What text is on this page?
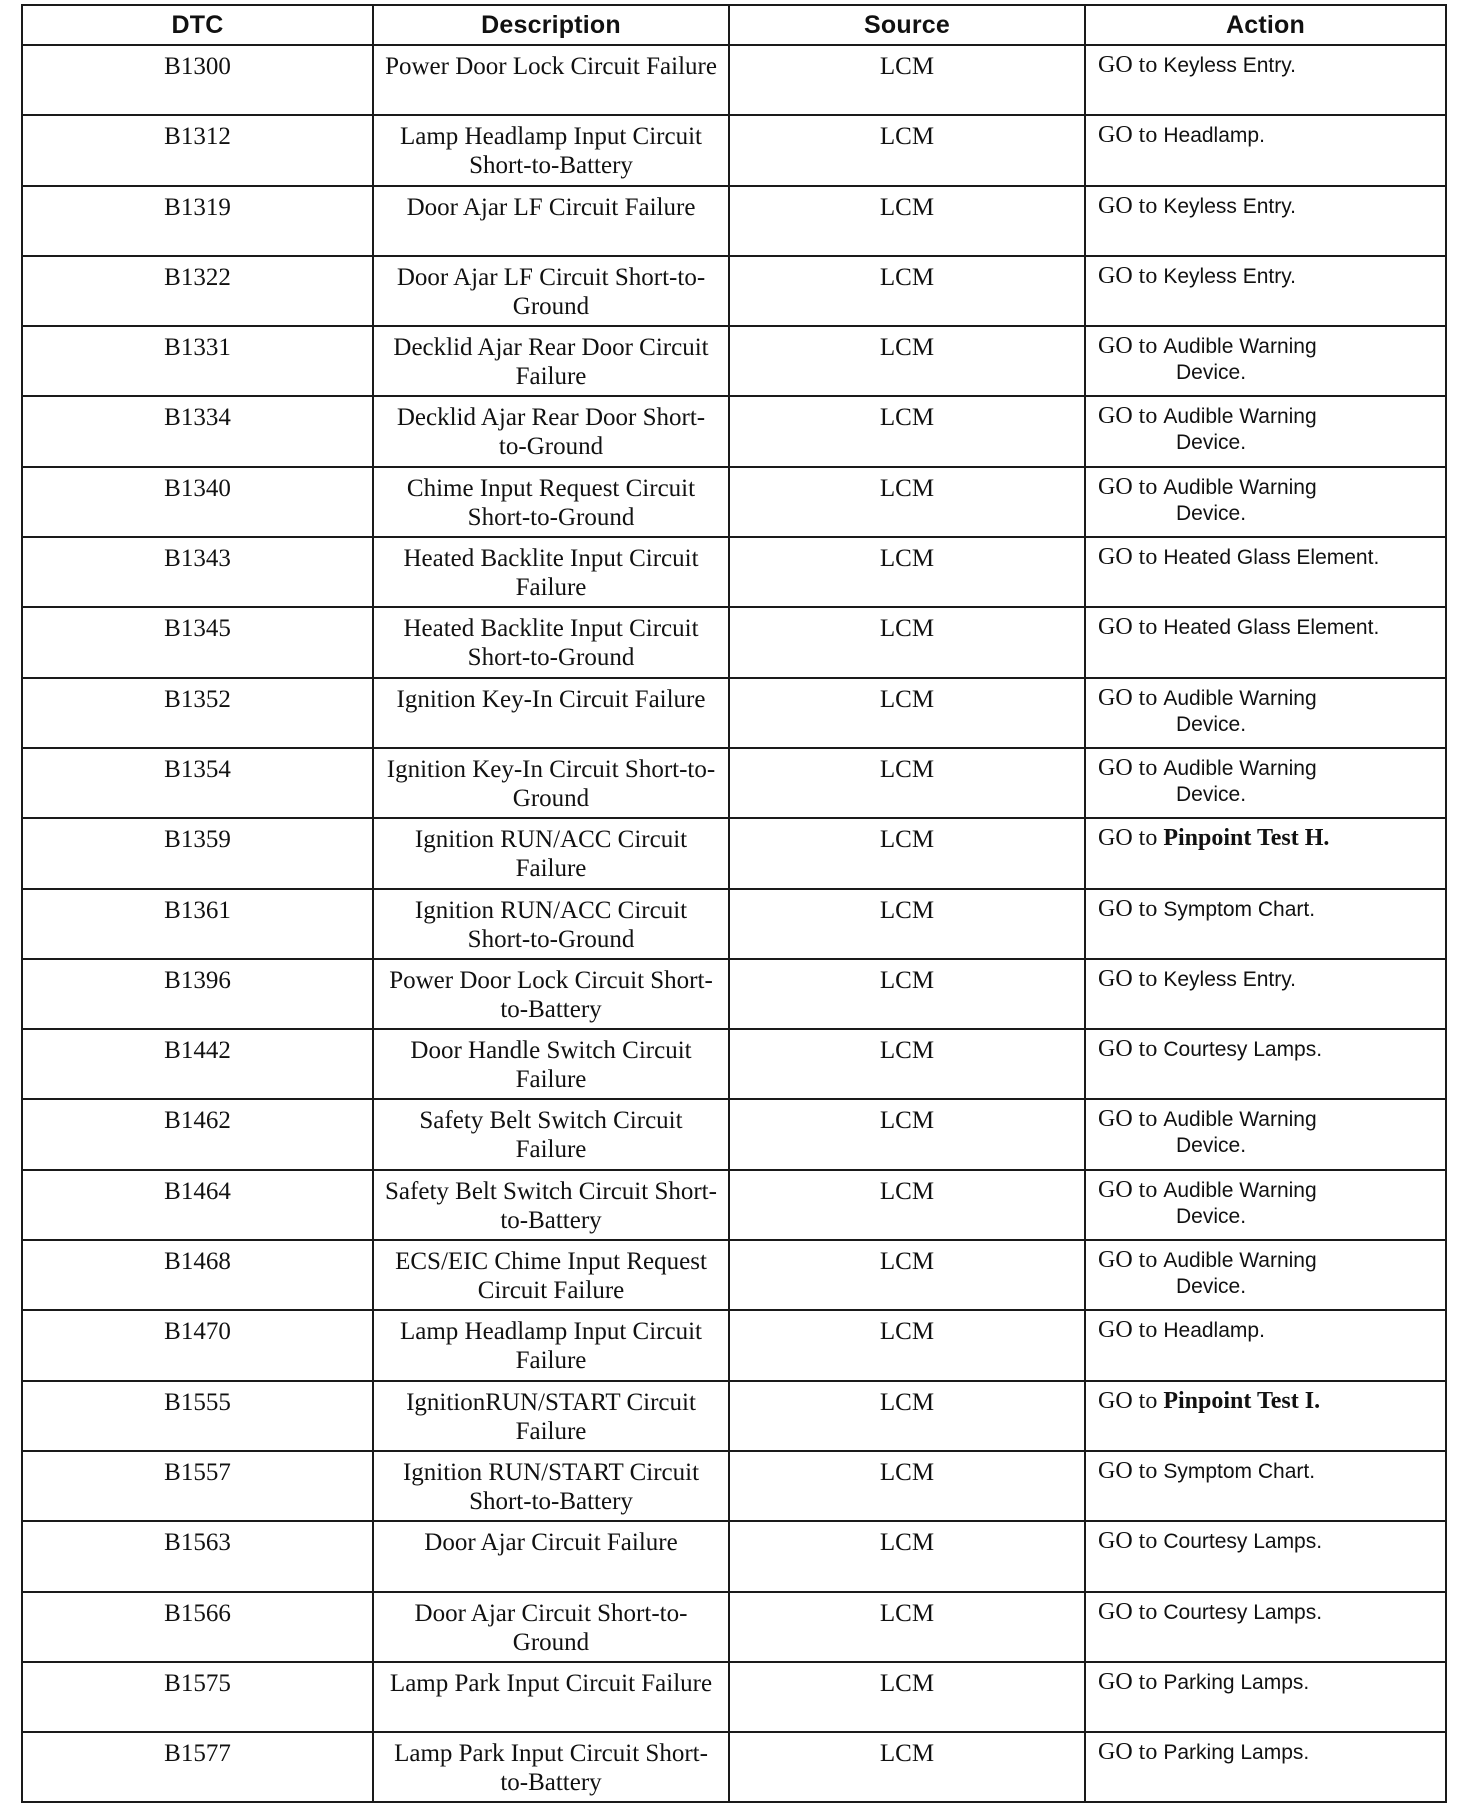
DTC	Description	Source	Action
B1300	Power Door Lock Circuit Failure	LCM	GO to Keyless Entry.

B1312	Lamp Headlamp Input Circuit Short-to-Battery	LCM	GO to Headlamp.

B1319	Door Ajar LF Circuit Failure	LCM	GO to Keyless Entry.

B1322	Door Ajar LF Circuit Short-to-Ground	LCM	GO to Keyless Entry.

B1331	Decklid Ajar Rear Door Circuit Failure	LCM	GO to Audible Warning
Device.

B1334	Decklid Ajar Rear Door Short-to-Ground	LCM	GO to Audible Warning
Device.

B1340	Chime Input Request Circuit Short-to-Ground	LCM	GO to Audible Warning
Device.

B1343	Heated Backlite Input Circuit Failure	LCM	GO to Heated Glass Element.

B1345	Heated Backlite Input Circuit Short-to-Ground	LCM	GO to Heated Glass Element.

B1352	Ignition Key-In Circuit Failure	LCM	GO to Audible Warning
Device.

B1354	Ignition Key-In Circuit Short-to-Ground	LCM	GO to Audible Warning
Device.

B1359	Ignition RUN/ACC Circuit Failure	LCM	GO to Pinpoint Test H.

B1361	Ignition RUN/ACC Circuit Short-to-Ground	LCM	GO to Symptom Chart.

B1396	Power Door Lock Circuit Short-to-Battery	LCM	GO to Keyless Entry.

B1442	Door Handle Switch Circuit Failure	LCM	GO to Courtesy Lamps.

B1462	Safety Belt Switch Circuit Failure	LCM	GO to Audible Warning
Device.

B1464	Safety Belt Switch Circuit Short-to-Battery	LCM	GO to Audible Warning
Device.

B1468	ECS/EIC Chime Input Request Circuit Failure	LCM	GO to Audible Warning
Device.

B1470	Lamp Headlamp Input Circuit Failure	LCM	GO to Headlamp.

B1555	IgnitionRUN/START Circuit Failure	LCM	GO to Pinpoint Test I.

B1557	Ignition RUN/START Circuit Short-to-Battery	LCM	GO to Symptom Chart.

B1563	Door Ajar Circuit Failure	LCM	GO to Courtesy Lamps.

B1566	Door Ajar Circuit Short-to-Ground	LCM	GO to Courtesy Lamps.

B1575	Lamp Park Input Circuit Failure	LCM	GO to Parking Lamps.

B1577	Lamp Park Input Circuit Short-to-Battery	LCM	GO to Parking Lamps.
